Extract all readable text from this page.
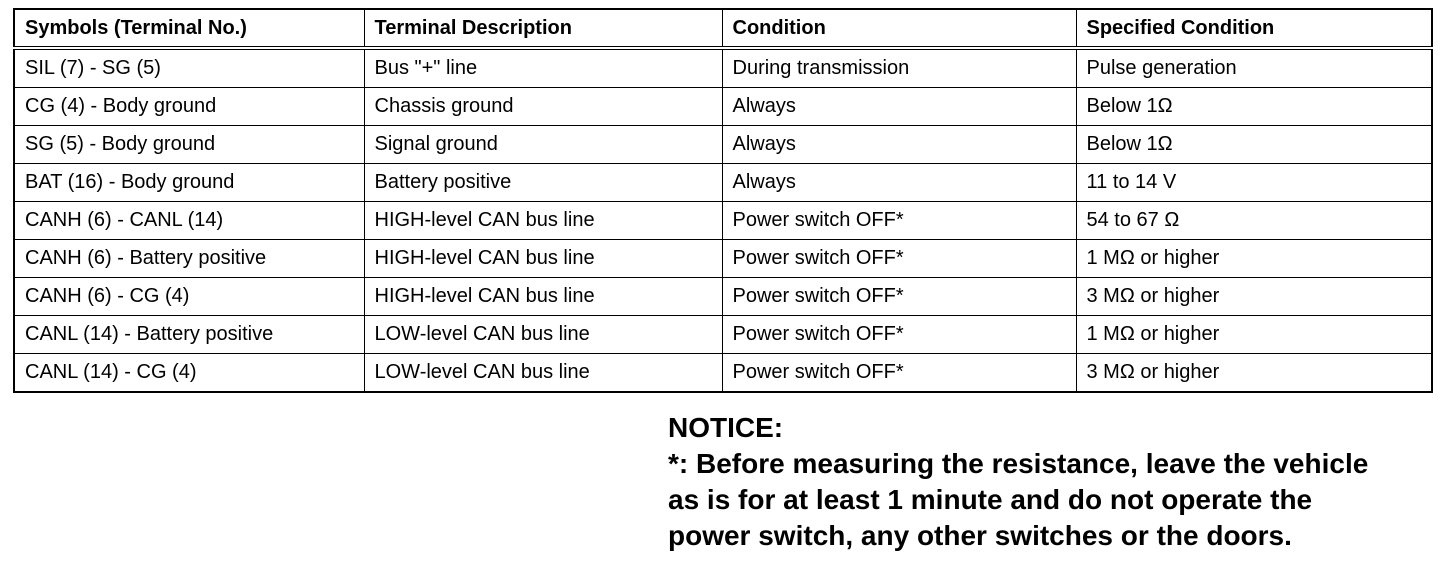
Symbols (Terminal No.)	Terminal Description	Condition	Specified Condition
SIL (7) - SG (5)	Bus "+" line	During transmission	Pulse generation
CG (4) - Body ground	Chassis ground	Always	Below 1Ω
SG (5) - Body ground	Signal ground	Always	Below 1Ω
BAT (16) - Body ground	Battery positive	Always	11 to 14 V
CANH (6) - CANL (14)	HIGH-level CAN bus line	Power switch OFF*	54 to 67 Ω
CANH (6) - Battery positive	HIGH-level CAN bus line	Power switch OFF*	1 MΩ or higher
CANH (6) - CG (4)	HIGH-level CAN bus line	Power switch OFF*	3 MΩ or higher
CANL (14) - Battery positive	LOW-level CAN bus line	Power switch OFF*	1 MΩ or higher
CANL (14) - CG (4)	LOW-level CAN bus line	Power switch OFF*	3 MΩ or higher
NOTICE:
*: Before measuring the resistance, leave the vehicle
as is for at least 1 minute and do not operate the
power switch, any other switches or the doors.
